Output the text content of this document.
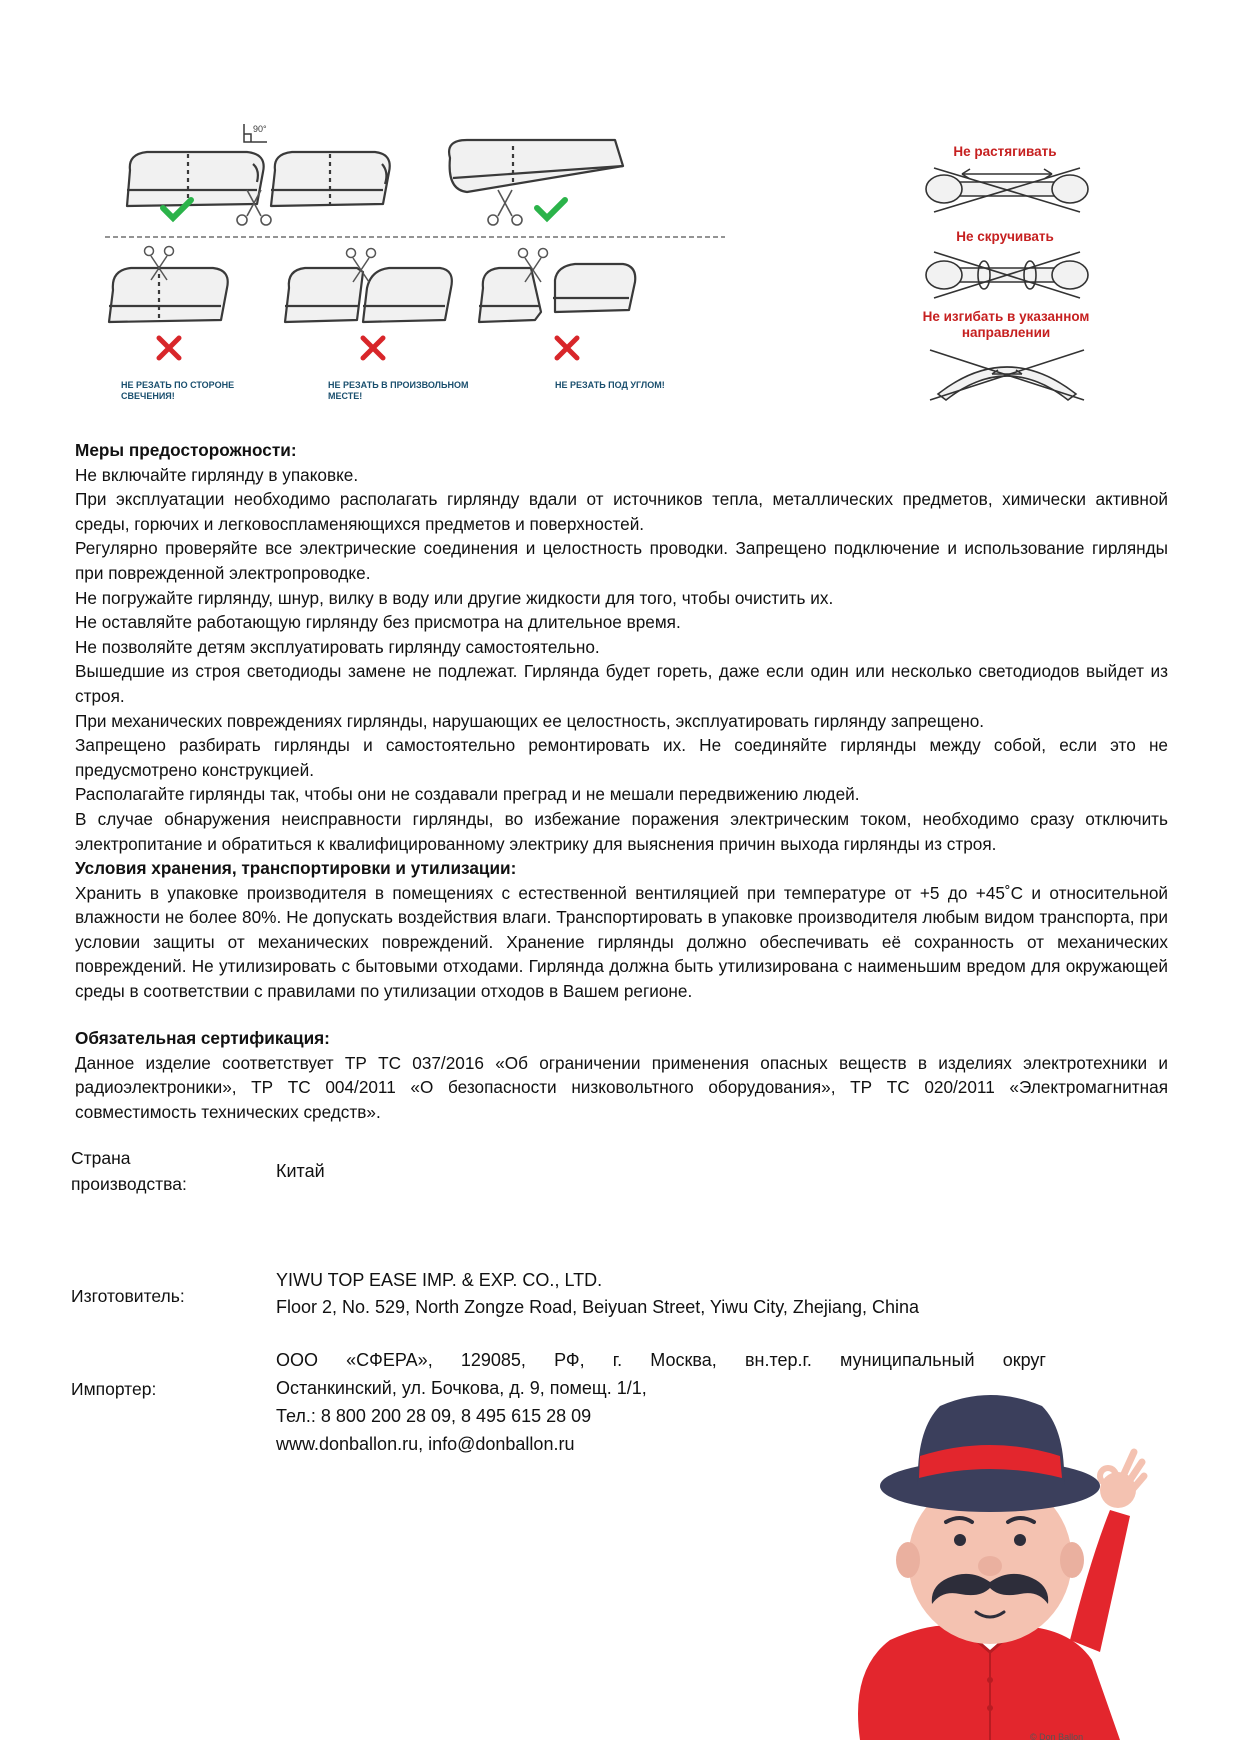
90°
НЕ РЕЗАТЬ ПО СТОРОНЕ СВЕЧЕНИЯ!
НЕ РЕЗАТЬ В ПРОИЗВОЛЬНОМ МЕСТЕ!
НЕ РЕЗАТЬ ПОД УГЛОМ!
Не растягивать
Не скручивать
Не изгибать в указанном направлении

Меры предосторожности:

Не включайте гирлянду в упаковке.

При эксплуатации необходимо располагать гирлянду вдали от источников тепла, металлических предметов, химически активной среды, горючих и легковоспламеняющихся предметов и поверхностей.

Регулярно проверяйте все электрические соединения и целостность проводки. Запрещено подключение и использование гирлянды при поврежденной электропроводке.

Не погружайте гирлянду, шнур, вилку в воду или другие жидкости для того, чтобы очистить их.

Не оставляйте работающую гирлянду без присмотра на длительное время.

Не позволяйте детям эксплуатировать гирлянду самостоятельно.

Вышедшие из строя светодиоды замене не подлежат. Гирлянда будет гореть, даже если один или несколько светодиодов выйдет из строя.

При механических повреждениях гирлянды, нарушающих ее целостность, эксплуатировать гирлянду запрещено.

Запрещено разбирать гирлянды и самостоятельно ремонтировать их. Не соединяйте гирлянды между собой, если это не предусмотрено конструкцией.

Располагайте гирлянды так, чтобы они не создавали преград и не мешали передвижению людей.

В случае обнаружения неисправности гирлянды, во избежание поражения электрическим током, необходимо сразу отключить электропитание и обратиться к квалифицированному электрику для выяснения причин выхода гирлянды из строя.

Условия хранения, транспортировки и утилизации:

Хранить в упаковке производителя в помещениях с естественной вентиляцией при температуре от +5 до +45˚С и относительной влажности не более 80%. Не допускать воздействия влаги. Транспортировать в упаковке производителя любым видом транспорта, при условии защиты от механических повреждений. Хранение гирлянды должно обеспечивать её сохранность от механических повреждений. Не утилизировать с бытовыми отходами. Гирлянда должна быть утилизирована с наименьшим вредом для окружающей среды в соответствии с правилами по утилизации отходов в Вашем регионе.

Обязательная сертификация:

Данное изделие соответствует ТР ТС 037/2016 «Об ограничении применения опасных веществ в изделиях электротехники и радиоэлектроники», ТР ТС 004/2011 «О безопасности низковольтного оборудования», ТР ТС 020/2011 «Электромагнитная совместимость технических средств».

Страна
производства:
Китай
Изготовитель:
YIWU TOP EASE IMP. & EXP. CO., LTD.
Floor 2, No. 529, North Zongze Road, Beiyuan Street, Yiwu City, Zhejiang, China
Импортер:
ООО «СФЕРА», 129085, РФ, г. Москва, вн.тер.г. муниципальный округ
Останкинский, ул. Бочкова, д. 9, помещ. 1/1,
Тел.: 8 800 200 28 09, 8 495 615 28 09
www.donballon.ru, info@donballon.ru
© Don Ballon
